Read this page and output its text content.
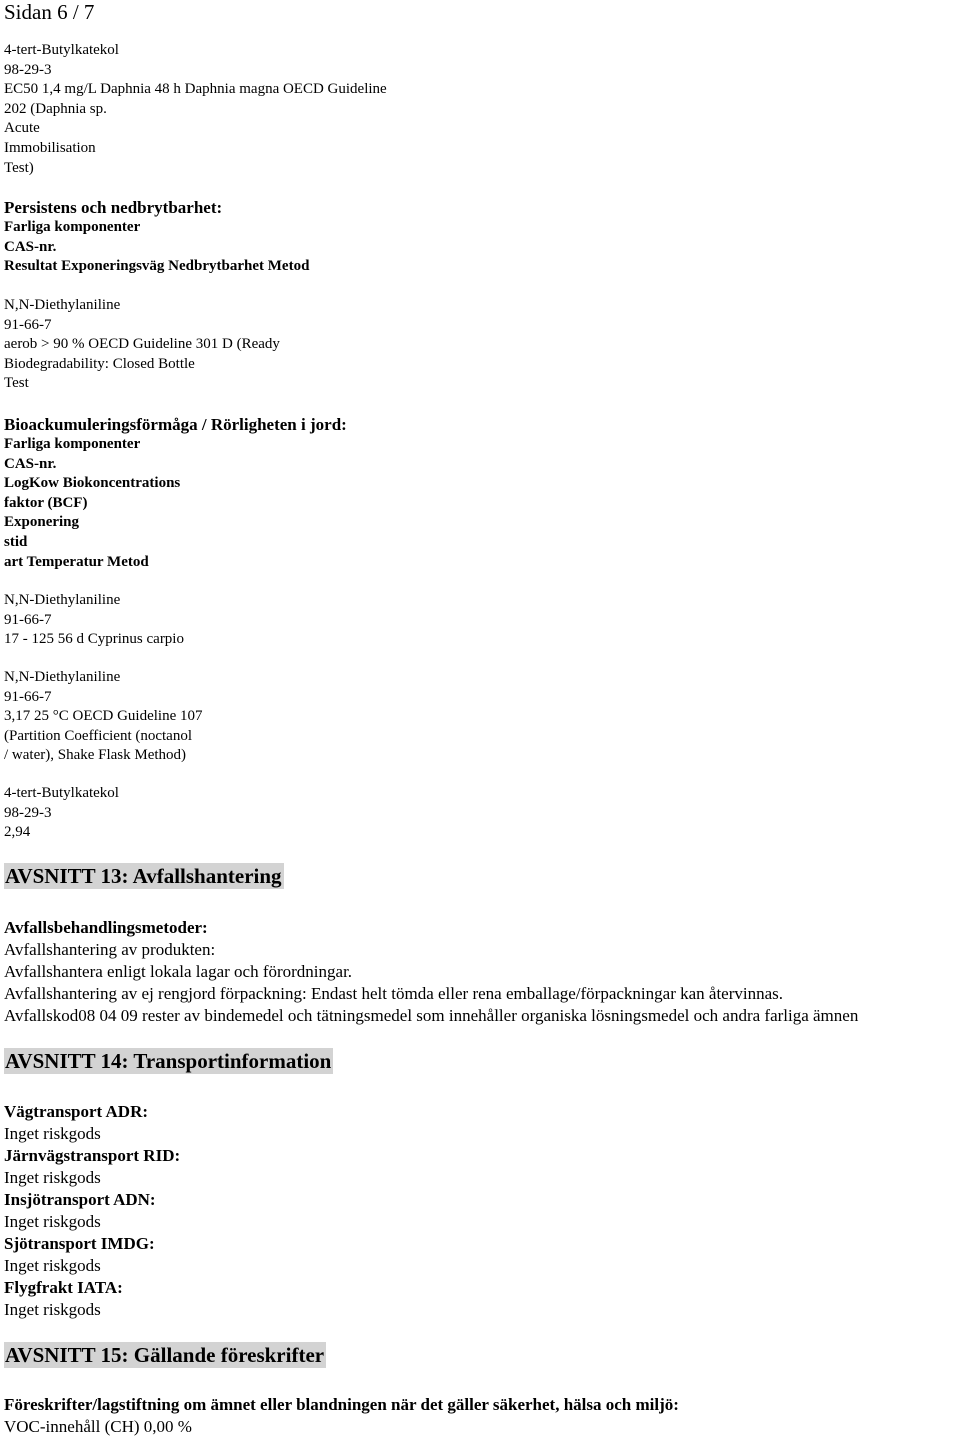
Sidan 6 / 7
4-tert-Butylkatekol
98-29-3
EC50 1,4 mg/L Daphnia 48 h Daphnia magna OECD Guideline
202 (Daphnia sp.
Acute
Immobilisation
Test)
Persistens och nedbrytbarhet:
Farliga komponenter
CAS-nr.
Resultat Exponeringsväg Nedbrytbarhet Metod
N,N-Diethylaniline
91-66-7
aerob > 90 % OECD Guideline 301 D (Ready
Biodegradability: Closed Bottle
Test
Bioackumuleringsförmåga / Rörligheten i jord:
Farliga komponenter
CAS-nr.
LogKow Biokoncentrations
faktor (BCF)
Exponering
stid
art Temperatur Metod
N,N-Diethylaniline
91-66-7
17 - 125 56 d Cyprinus carpio
N,N-Diethylaniline
91-66-7
3,17 25 °C OECD Guideline 107
(Partition Coefficient (noctanol
/ water), Shake Flask Method)
4-tert-Butylkatekol
98-29-3
2,94
AVSNITT 13: Avfallshantering
Avfallsbehandlingsmetoder:
Avfallshantering av produkten:
Avfallshantera enligt lokala lagar och förordningar.
Avfallshantering av ej rengjord förpackning: Endast helt tömda eller rena emballage/förpackningar kan återvinnas.
Avfallskod08 04 09 rester av bindemedel och tätningsmedel som innehåller organiska lösningsmedel och andra farliga ämnen
AVSNITT 14: Transportinformation
Vägtransport ADR:
Inget riskgods
Järnvägstransport RID:
Inget riskgods
Insjötransport ADN:
Inget riskgods
Sjötransport IMDG:
Inget riskgods
Flygfrakt IATA:
Inget riskgods
AVSNITT 15: Gällande föreskrifter
Föreskrifter/lagstiftning om ämnet eller blandningen när det gäller säkerhet, hälsa och miljö:
VOC-innehåll (CH) 0,00 %
